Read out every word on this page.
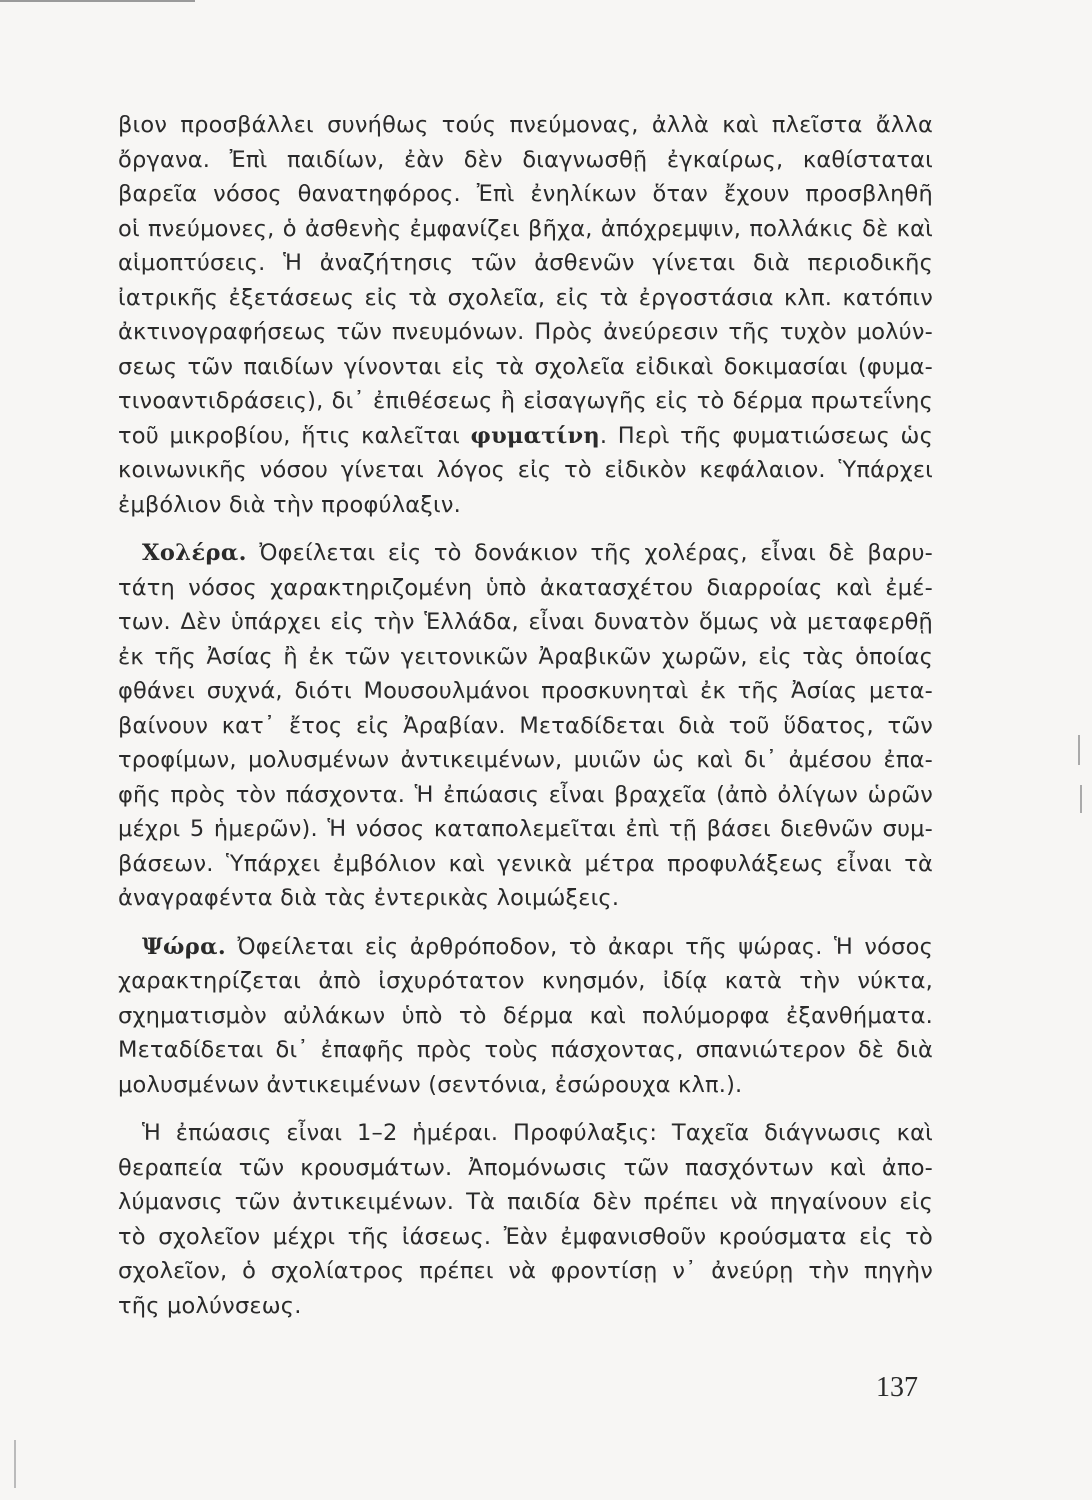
βιον προσβάλλει συνήθως τούς πνεύμονας, ἀλλὰ καὶ πλεῖστα ἄλλα
ὄργανα. Ἐπὶ παιδίων, ἐὰν δὲν διαγνωσθῇ ἐγκαίρως, καθίσταται
βαρεῖα νόσος θανατηφόρος. Ἐπὶ ἐνηλίκων ὅταν ἔχουν προσβληθῆ
οἱ πνεύμονες, ὁ ἀσθενὴς ἐμφανίζει βῆχα, ἀπόχρεμψιν, πολλάκις δὲ καὶ
αἱμοπτύσεις. Ἡ ἀναζήτησις τῶν ἀσθενῶν γίνεται διὰ περιοδικῆς
ἰατρικῆς ἐξετάσεως εἰς τὰ σχολεῖα, εἰς τὰ ἐργοστάσια κλπ. κατόπιν
ἀκτινογραφήσεως τῶν πνευμόνων. Πρὸς ἀνεύρεσιν τῆς τυχὸν μολύν-
σεως τῶν παιδίων γίνονται εἰς τὰ σχολεῖα εἰδικαὶ δοκιμασίαι (φυμα-
τινοαντιδράσεις), δι᾿ ἐπιθέσεως ἢ εἰσαγωγῆς εἰς τὸ δέρμα πρωτεΐνης
τοῦ μικροβίου, ἥτις καλεῖται φυματίνη. Περὶ τῆς φυματιώσεως ὡς
κοινωνικῆς νόσου γίνεται λόγος εἰς τὸ εἰδικὸν κεφάλαιον. Ὑπάρχει
ἐμβόλιον διὰ τὴν προφύλαξιν.
Χολέρα. Ὀφείλεται εἰς τὸ δονάκιον τῆς χολέρας, εἶναι δὲ βαρυ-
τάτη νόσος χαρακτηριζομένη ὑπὸ ἀκατασχέτου διαρροίας καὶ ἐμέ-
των. Δὲν ὑπάρχει εἰς τὴν Ἑλλάδα, εἶναι δυνατὸν ὅμως νὰ μεταφερθῇ
ἐκ τῆς Ἀσίας ἢ ἐκ τῶν γειτονικῶν Ἀραβικῶν χωρῶν, εἰς τὰς ὁποίας
φθάνει συχνά, διότι Μουσουλμάνοι προσκυνηταὶ ἐκ τῆς Ἀσίας μετα-
βαίνουν κατ᾿ ἔτος εἰς Ἀραβίαν. Μεταδίδεται διὰ τοῦ ὕδατος, τῶν
τροφίμων, μολυσμένων ἀντικειμένων, μυιῶν ὡς καὶ δι᾿ ἀμέσου ἐπα-
φῆς πρὸς τὸν πάσχοντα. Ἡ ἐπώασις εἶναι βραχεῖα (ἀπὸ ὀλίγων ὡρῶν
μέχρι 5 ἡμερῶν). Ἡ νόσος καταπολεμεῖται ἐπὶ τῇ βάσει διεθνῶν συμ-
βάσεων. Ὑπάρχει ἐμβόλιον καὶ γενικὰ μέτρα προφυλάξεως εἶναι τὰ
ἀναγραφέντα διὰ τὰς ἐντερικὰς λοιμώξεις.
Ψώρα. Ὀφείλεται εἰς ἀρθρόποδον, τὸ ἀκαρι τῆς ψώρας. Ἡ νόσος
χαρακτηρίζεται ἀπὸ ἰσχυρότατον κνησμόν, ἰδίᾳ κατὰ τὴν νύκτα,
σχηματισμὸν αὐλάκων ὑπὸ τὸ δέρμα καὶ πολύμορφα ἐξανθήματα.
Μεταδίδεται δι᾿ ἐπαφῆς πρὸς τοὺς πάσχοντας, σπανιώτερον δὲ διὰ
μολυσμένων ἀντικειμένων (σεντόνια, ἐσώρουχα κλπ.).
Ἡ ἐπώασις εἶναι 1–2 ἡμέραι. Προφύλαξις: Ταχεῖα διάγνωσις καὶ
θεραπεία τῶν κρουσμάτων. Ἀπομόνωσις τῶν πασχόντων καὶ ἀπο-
λύμανσις τῶν ἀντικειμένων. Τὰ παιδία δὲν πρέπει νὰ πηγαίνουν εἰς
τὸ σχολεῖον μέχρι τῆς ἰάσεως. Ἐὰν ἐμφανισθοῦν κρούσματα εἰς τὸ
σχολεῖον, ὁ σχολίατρος πρέπει νὰ φροντίσῃ ν᾿ ἀνεύρῃ τὴν πηγὴν
τῆς μολύνσεως.
137
